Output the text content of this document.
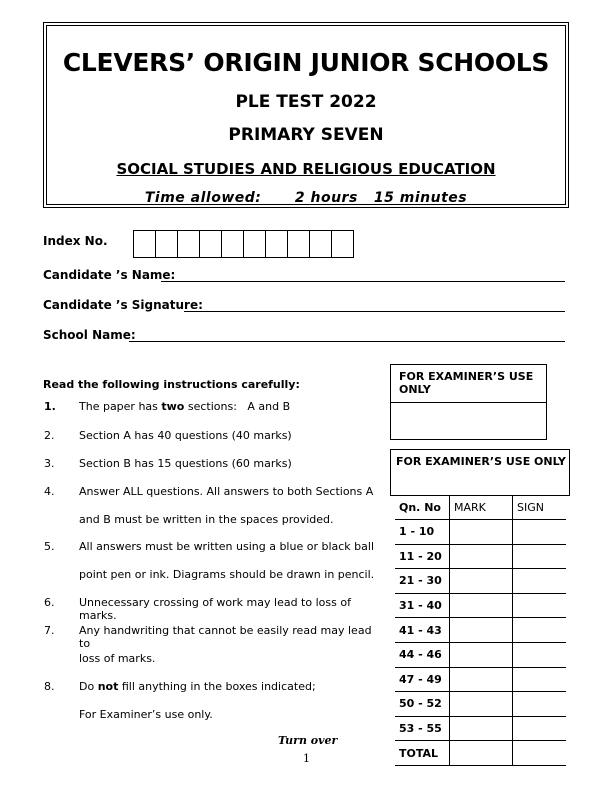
CLEVERS’ ORIGIN JUNIOR SCHOOLS
PLE TEST 2022
PRIMARY SEVEN
SOCIAL STUDIES AND RELIGIOUS EDUCATION
Time allowed: 2 hours   15 minutes
Index No.
Candidate ’s Name:
Candidate ’s Signature:
School Name:
Read the following instructions carefully:
1. The paper has two sections:   A and B
2. Section A has 40 questions (40 marks)
3. Section B has 15 questions (60 marks)
4. Answer ALL questions. All answers to both Sections A
and B must be written in the spaces provided.
5. All answers must be written using a blue or black ball
point pen or ink. Diagrams should be drawn in pencil.
6. Unnecessary crossing of work may lead to loss of marks.
7. Any handwriting that cannot be easily read may lead to
loss of marks.
8. Do not fill anything in the boxes indicated;
For Examiner’s use only.
FOR EXAMINER’S USE ONLY
FOR EXAMINER’S USE ONLY
Qn. No	MARK	SIGN
1 - 10		
11 - 20		
21 - 30		
31 - 40		
41 - 43		
44 - 46		
47 - 49		
50 - 52		
53 - 55		
TOTAL		
Turn over
1
